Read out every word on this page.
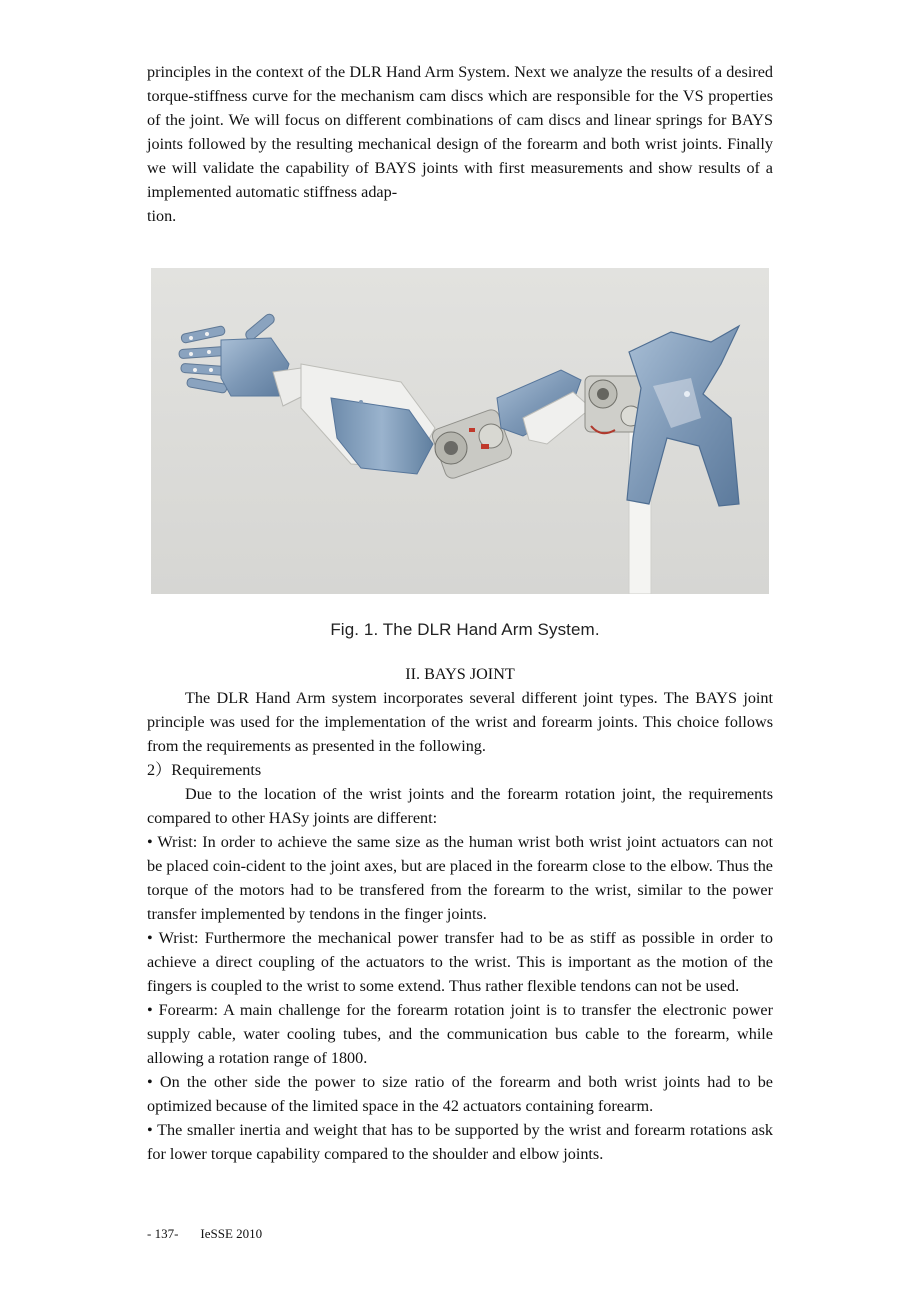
principles in the context of the DLR Hand Arm System. Next we analyze the results of a desired torque-stiffness curve for the mechanism cam discs which are responsible for the VS properties of the joint. We will focus on different combinations of cam discs and linear springs for BAYS joints followed by the resulting mechanical design of the forearm and both wrist joints. Finally we will validate the capability of BAYS joints with first measurements and show results of a implemented automatic stiffness adap-

tion.

Fig. 1. The DLR Hand Arm System.

II. BAYS JOINT

The DLR Hand Arm system incorporates several different joint types. The BAYS joint principle was used for the implementation of the wrist and forearm joints. This choice follows from the requirements as presented in the following.

2）Requirements

Due to the location of the wrist joints and the forearm rotation joint, the requirements compared to other HASy joints are different:

• Wrist: In order to achieve the same size as the human wrist both wrist joint actuators can not be placed coin-cident to the joint axes, but are placed in the forearm close to the elbow. Thus the torque of the motors had to be transfered from the forearm to the wrist, similar to the power transfer implemented by tendons in the finger joints.

• Wrist: Furthermore the mechanical power transfer had to be as stiff as possible in order to achieve a direct coupling of the actuators to the wrist. This is important as the motion of the fingers is coupled to the wrist to some extend. Thus rather flexible tendons can not be used.

• Forearm: A main challenge for the forearm rotation joint is to transfer the electronic power supply cable, water cooling tubes, and the communication bus cable to the forearm, while allowing a rotation range of 1800.

• On the other side the power to size ratio of the forearm and both wrist joints had to be optimized because of the limited space in the 42 actuators containing forearm.

• The smaller inertia and weight that has to be supported by the wrist and forearm rotations ask for lower torque capability compared to the shoulder and elbow joints.

- 137- IeSSE 2010
